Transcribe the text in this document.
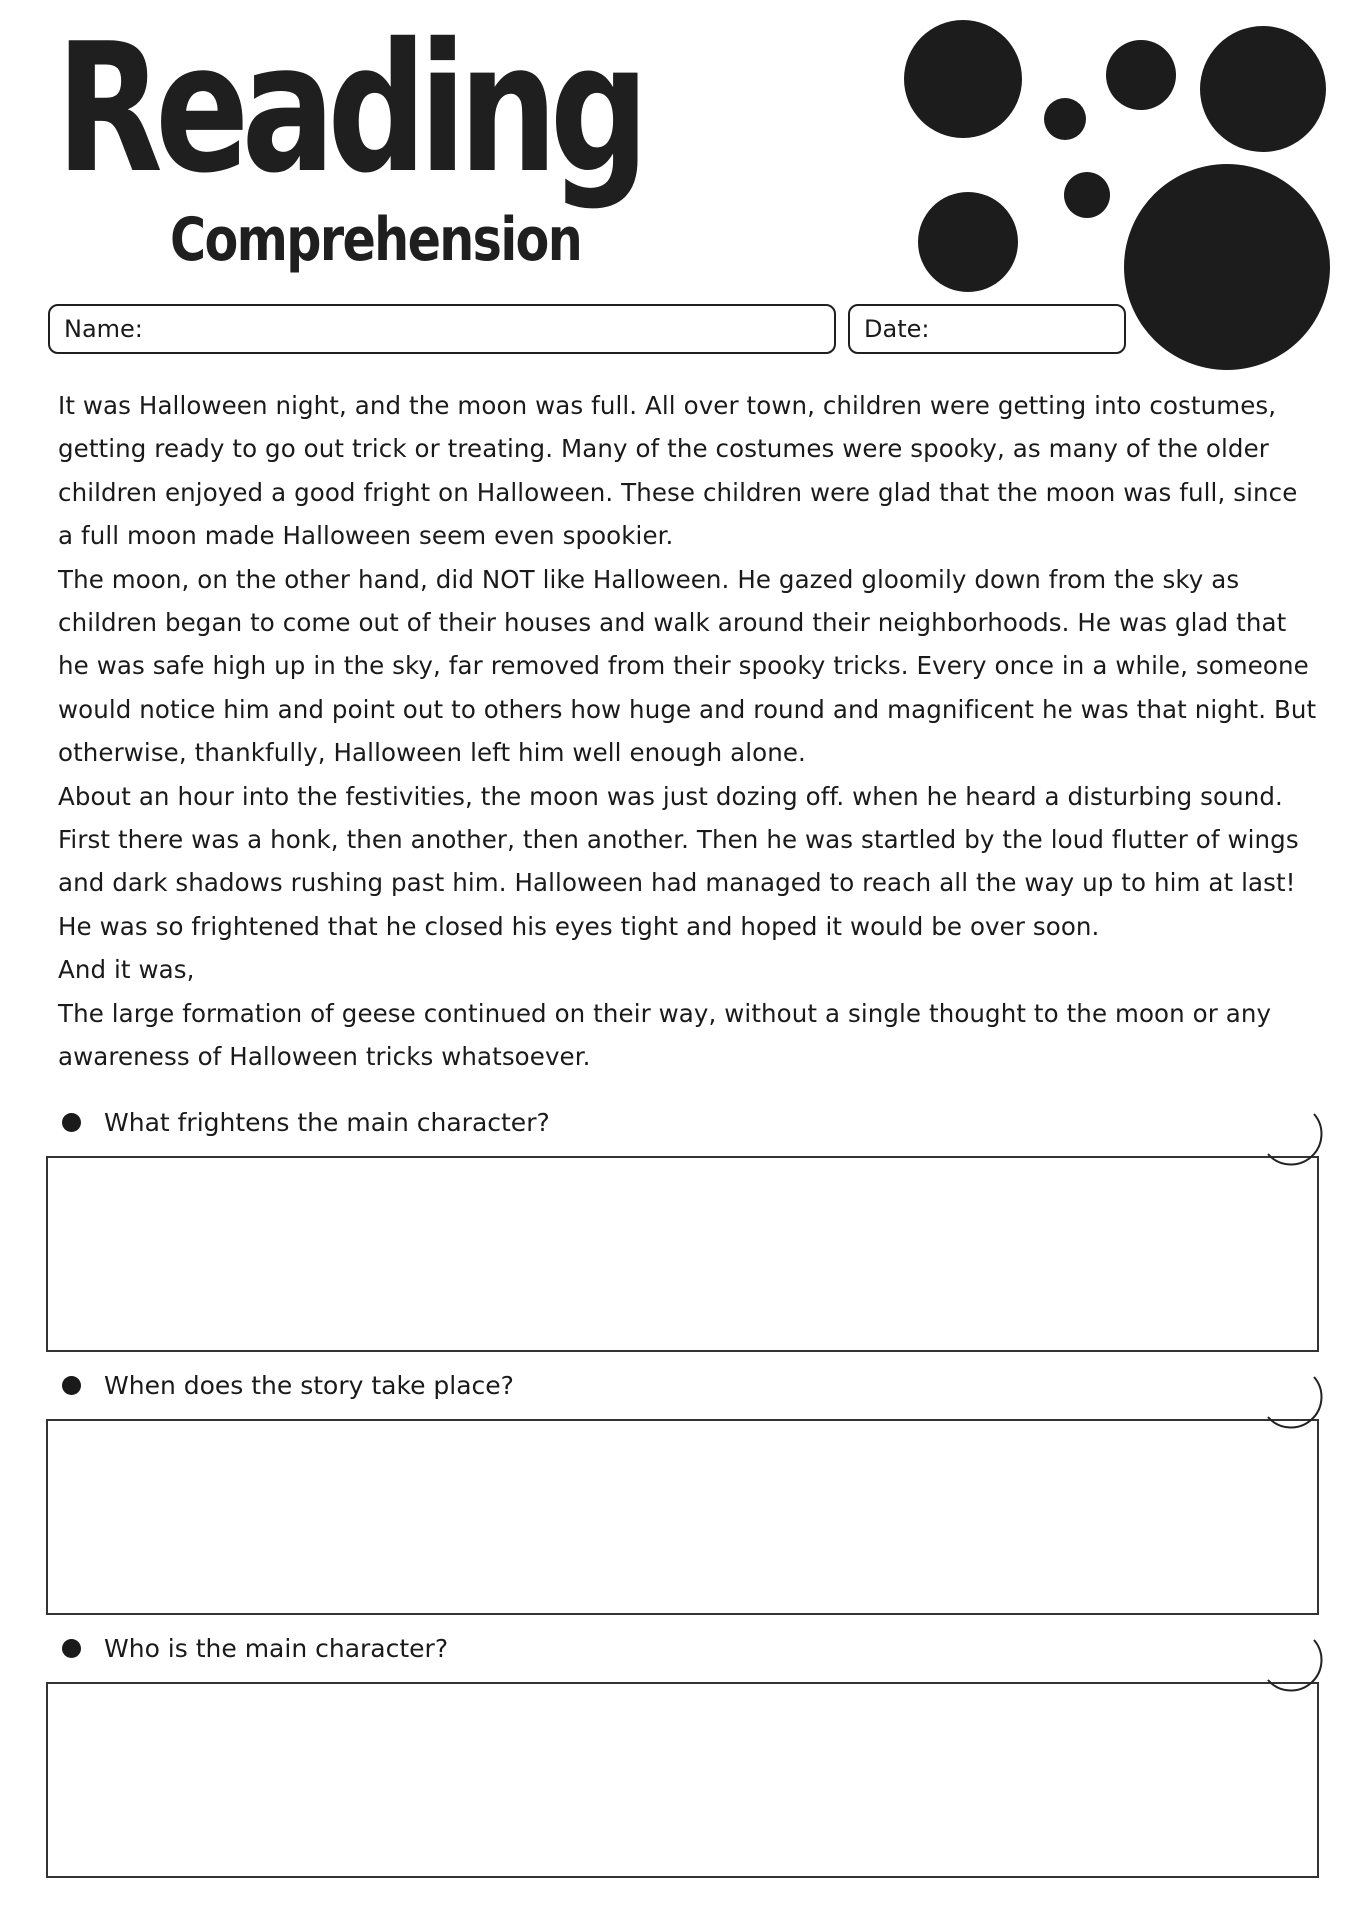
Reading
Comprehension
Name:	Date:

It was Halloween night, and the moon was full. All over town, children were getting into costumes, getting ready to go out trick or treating. Many of the costumes were spooky, as many of the older children enjoyed a good fright on Halloween. These children were glad that the moon was full, since a full moon made Halloween seem even spookier.

The moon, on the other hand, did NOT like Halloween. He gazed gloomily down from the sky as children began to come out of their houses and walk around their neighborhoods. He was glad that he was safe high up in the sky, far removed from their spooky tricks. Every once in a while, someone would notice him and point out to others how huge and round and magnificent he was that night. But otherwise, thankfully, Halloween left him well enough alone.

About an hour into the festivities, the moon was just dozing off. when he heard a disturbing sound. First there was a honk, then another, then another. Then he was startled by the loud flutter of wings and dark shadows rushing past him. Halloween had managed to reach all the way up to him at last! He was so frightened that he closed his eyes tight and hoped it would be over soon.

And it was,

The large formation of geese continued on their way, without a single thought to the moon or any awareness of Halloween tricks whatsoever.

What frightens the main character?
When does the story take place?
Who is the main character?
